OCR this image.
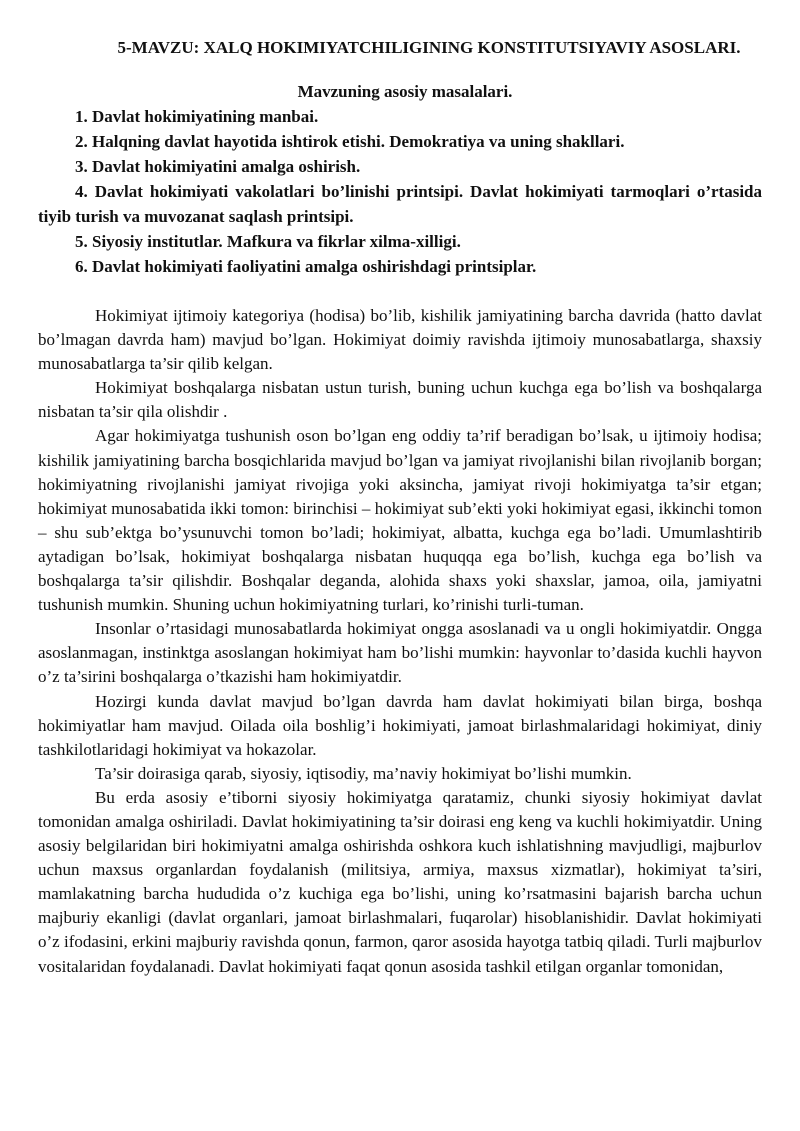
5-MAVZU: XALQ HOKIMIYATCHILIGINING KONSTITUTSIYAVIY ASOSLARI.
Mavzuning asosiy masalalari.
1. Davlat hokimiyatining manbai.
2. Halqning davlat hayotida ishtirok etishi. Demokratiya va uning shakllari.
3. Davlat hokimiyatini amalga oshirish.
4. Davlat hokimiyati vakolatlari bo’linishi printsipi. Davlat hokimiyati tarmoqlari o’rtasida tiyib turish va muvozanat saqlash printsipi.
5. Siyosiy institutlar. Mafkura va fikrlar xilma-xilligi.
6. Davlat hokimiyati faoliyatini amalga oshirishdagi printsiplar.

Hokimiyat ijtimoiy kategoriya (hodisa) bo’lib, kishilik jamiyatining barcha davrida (hatto davlat bo’lmagan davrda ham) mavjud bo’lgan. Hokimiyat doimiy ravishda ijtimoiy munosabatlarga, shaxsiy munosabatlarga ta’sir qilib kelgan.

Hokimiyat boshqalarga nisbatan ustun turish, buning uchun kuchga ega bo’lish va boshqalarga nisbatan ta’sir qila olishdir .

Agar hokimiyatga tushunish oson bo’lgan eng oddiy ta’rif beradigan bo’lsak, u ijtimoiy hodisa; kishilik jamiyatining barcha bosqichlarida mavjud bo’lgan va jamiyat rivojlanishi bilan rivojlanib borgan; hokimiyatning rivojlanishi jamiyat rivojiga yoki aksincha, jamiyat rivoji hokimiyatga ta’sir etgan; hokimiyat munosabatida ikki tomon: birinchisi – hokimiyat sub’ekti yoki hokimiyat egasi, ikkinchi tomon – shu sub’ektga bo’ysunuvchi tomon bo’ladi; hokimiyat, albatta, kuchga ega bo’ladi. Umumlashtirib aytadigan bo’lsak, hokimiyat boshqalarga nisbatan huquqqa ega bo’lish, kuchga ega bo’lish va boshqalarga ta’sir qilishdir. Boshqalar deganda, alohida shaxs yoki shaxslar, jamoa, oila, jamiyatni tushunish mumkin. Shuning uchun hokimiyatning turlari, ko’rinishi turli-tuman.

Insonlar o’rtasidagi munosabatlarda hokimiyat ongga asoslanadi va u ongli hokimiyatdir. Ongga asoslanmagan, instinktga asoslangan hokimiyat ham bo’lishi mumkin: hayvonlar to’dasida kuchli hayvon o’z ta’sirini boshqalarga o’tkazishi ham hokimiyatdir.

Hozirgi kunda davlat mavjud bo’lgan davrda ham davlat hokimiyati bilan birga, boshqa hokimiyatlar ham mavjud. Oilada oila boshlig’i hokimiyati, jamoat birlashmalaridagi hokimiyat, diniy tashkilotlaridagi hokimiyat va hokazolar.

Ta’sir doirasiga qarab, siyosiy, iqtisodiy, ma’naviy hokimiyat bo’lishi mumkin.

Bu erda asosiy e’tiborni siyosiy hokimiyatga qaratamiz, chunki siyosiy hokimiyat davlat tomonidan amalga oshiriladi. Davlat hokimiyatining ta’sir doirasi eng keng va kuchli hokimiyatdir. Uning asosiy belgilaridan biri hokimiyatni amalga oshirishda oshkora kuch ishlatishning mavjudligi, majburlov uchun maxsus organlardan foydalanish (militsiya, armiya, maxsus xizmatlar), hokimiyat ta’siri, mamlakatning barcha hududida o’z kuchiga ega bo’lishi, uning ko’rsatmasini bajarish barcha uchun majburiy ekanligi (davlat organlari, jamoat birlashmalari, fuqarolar) hisoblanishidir. Davlat hokimiyati o’z ifodasini, erkini majburiy ravishda qonun, farmon, qaror asosida hayotga tatbiq qiladi. Turli majburlov vositalaridan foydalanadi. Davlat hokimiyati faqat qonun asosida tashkil etilgan organlar tomonidan,
